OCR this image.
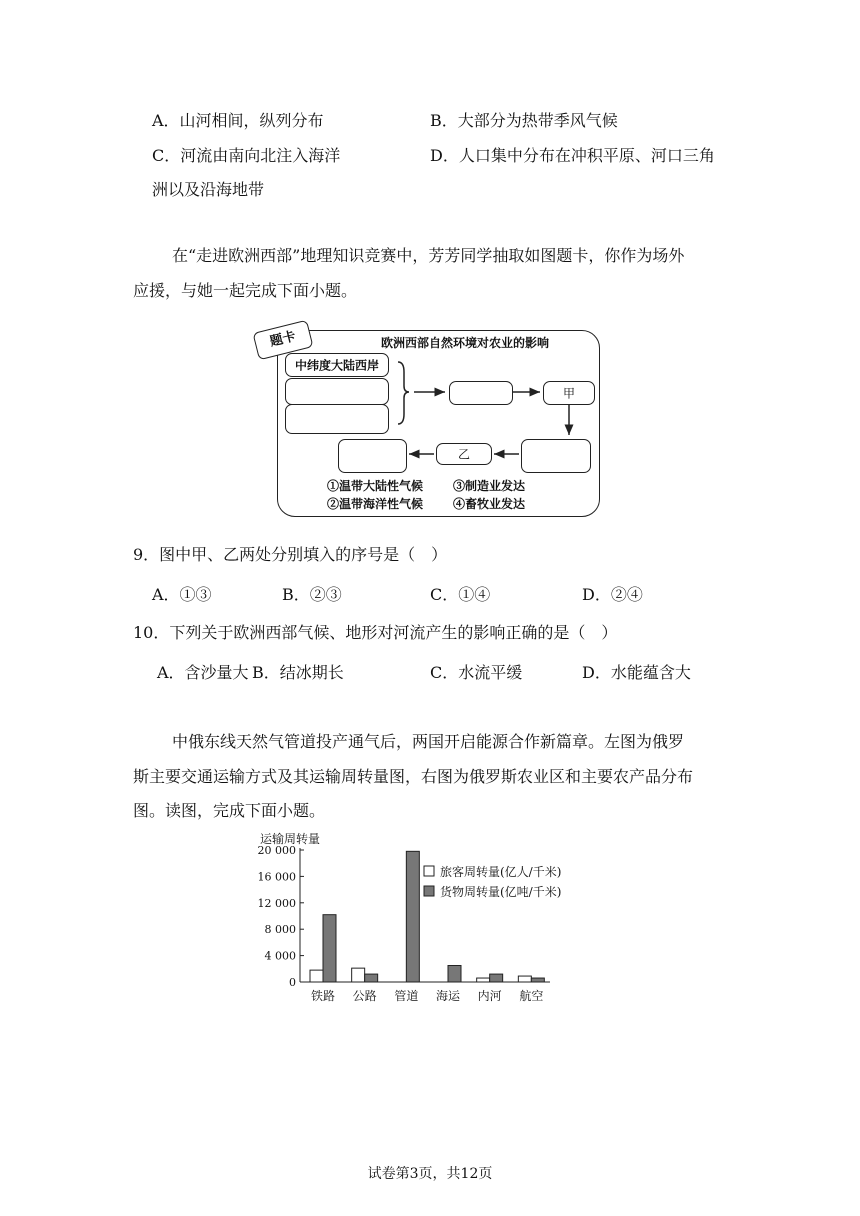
A．山河相间，纵列分布	B．大部分为热带季风气候
C．河流由南向北注入海洋	D．人口集中分布在冲积平原、河口三角
洲以及沿海地带
在“走进欧洲西部”地理知识竞赛中，芳芳同学抽取如图题卡，你作为场外
应援，与她一起完成下面小题。
题卡	欧洲西部自然环境对农业的影响
中纬度大陆西岸
甲
乙
①温带大陆性气候 ③制造业发达
②温带海洋性气候 ④畜牧业发达
9．图中甲、乙两处分别填入的序号是（　）
A．①③	B．②③	C．①④	D．②④
10．下列关于欧洲西部气候、地形对河流产生的影响正确的是（　）
A．含沙量大 B．结冰期长	C．水流平缓	D．水能蕴含大
中俄东线天然气管道投产通气后，两国开启能源合作新篇章。左图为俄罗
斯主要交通运输方式及其运输周转量图，右图为俄罗斯农业区和主要农产品分布
图。读图，完成下面小题。
运输周转量
0
4 000
8 000
12 000
16 000
20 000
铁路 公路 管道 海运 内河 航空
旅客周转量(亿人/千米)
货物周转量(亿吨/千米)
试卷第3页，共12页
